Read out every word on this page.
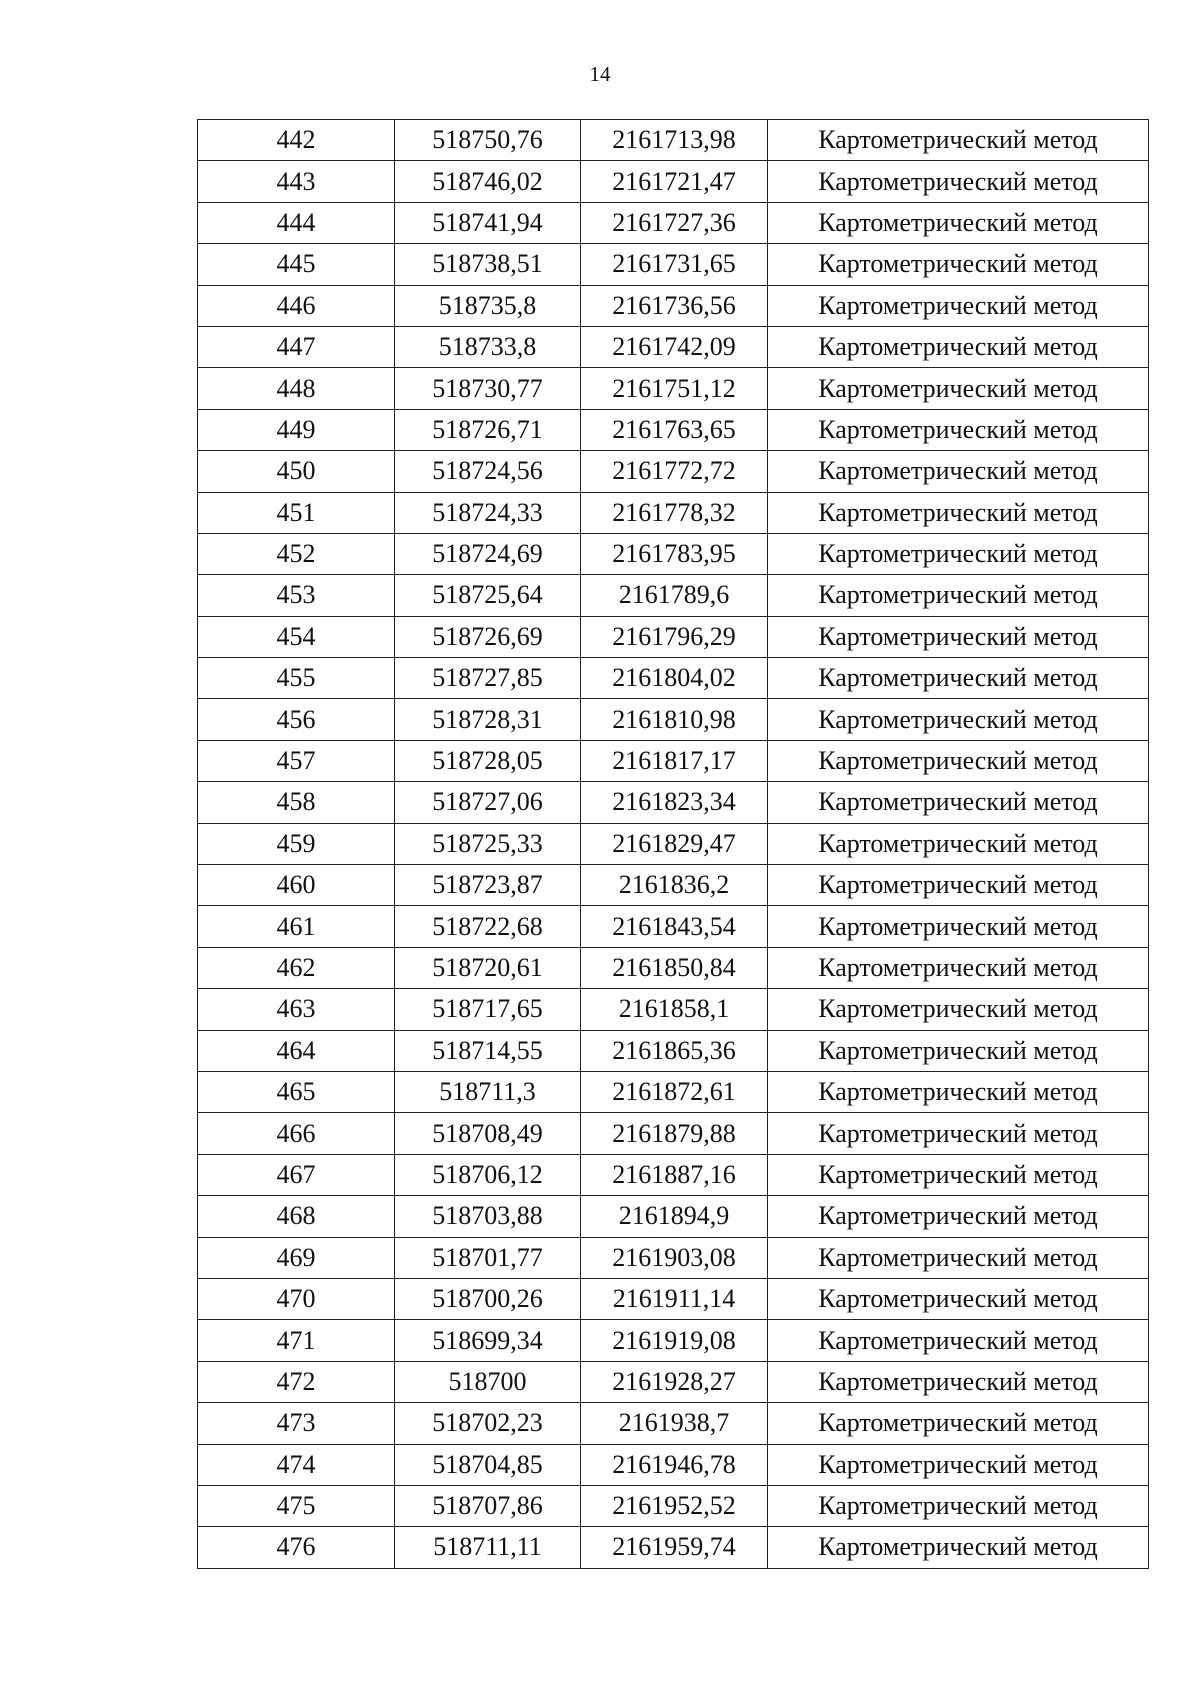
14
442	518750,76	2161713,98	Картометрический метод
443	518746,02	2161721,47	Картометрический метод
444	518741,94	2161727,36	Картометрический метод
445	518738,51	2161731,65	Картометрический метод
446	518735,8	2161736,56	Картометрический метод
447	518733,8	2161742,09	Картометрический метод
448	518730,77	2161751,12	Картометрический метод
449	518726,71	2161763,65	Картометрический метод
450	518724,56	2161772,72	Картометрический метод
451	518724,33	2161778,32	Картометрический метод
452	518724,69	2161783,95	Картометрический метод
453	518725,64	2161789,6	Картометрический метод
454	518726,69	2161796,29	Картометрический метод
455	518727,85	2161804,02	Картометрический метод
456	518728,31	2161810,98	Картометрический метод
457	518728,05	2161817,17	Картометрический метод
458	518727,06	2161823,34	Картометрический метод
459	518725,33	2161829,47	Картометрический метод
460	518723,87	2161836,2	Картометрический метод
461	518722,68	2161843,54	Картометрический метод
462	518720,61	2161850,84	Картометрический метод
463	518717,65	2161858,1	Картометрический метод
464	518714,55	2161865,36	Картометрический метод
465	518711,3	2161872,61	Картометрический метод
466	518708,49	2161879,88	Картометрический метод
467	518706,12	2161887,16	Картометрический метод
468	518703,88	2161894,9	Картометрический метод
469	518701,77	2161903,08	Картометрический метод
470	518700,26	2161911,14	Картометрический метод
471	518699,34	2161919,08	Картометрический метод
472	518700	2161928,27	Картометрический метод
473	518702,23	2161938,7	Картометрический метод
474	518704,85	2161946,78	Картометрический метод
475	518707,86	2161952,52	Картометрический метод
476	518711,11	2161959,74	Картометрический метод
